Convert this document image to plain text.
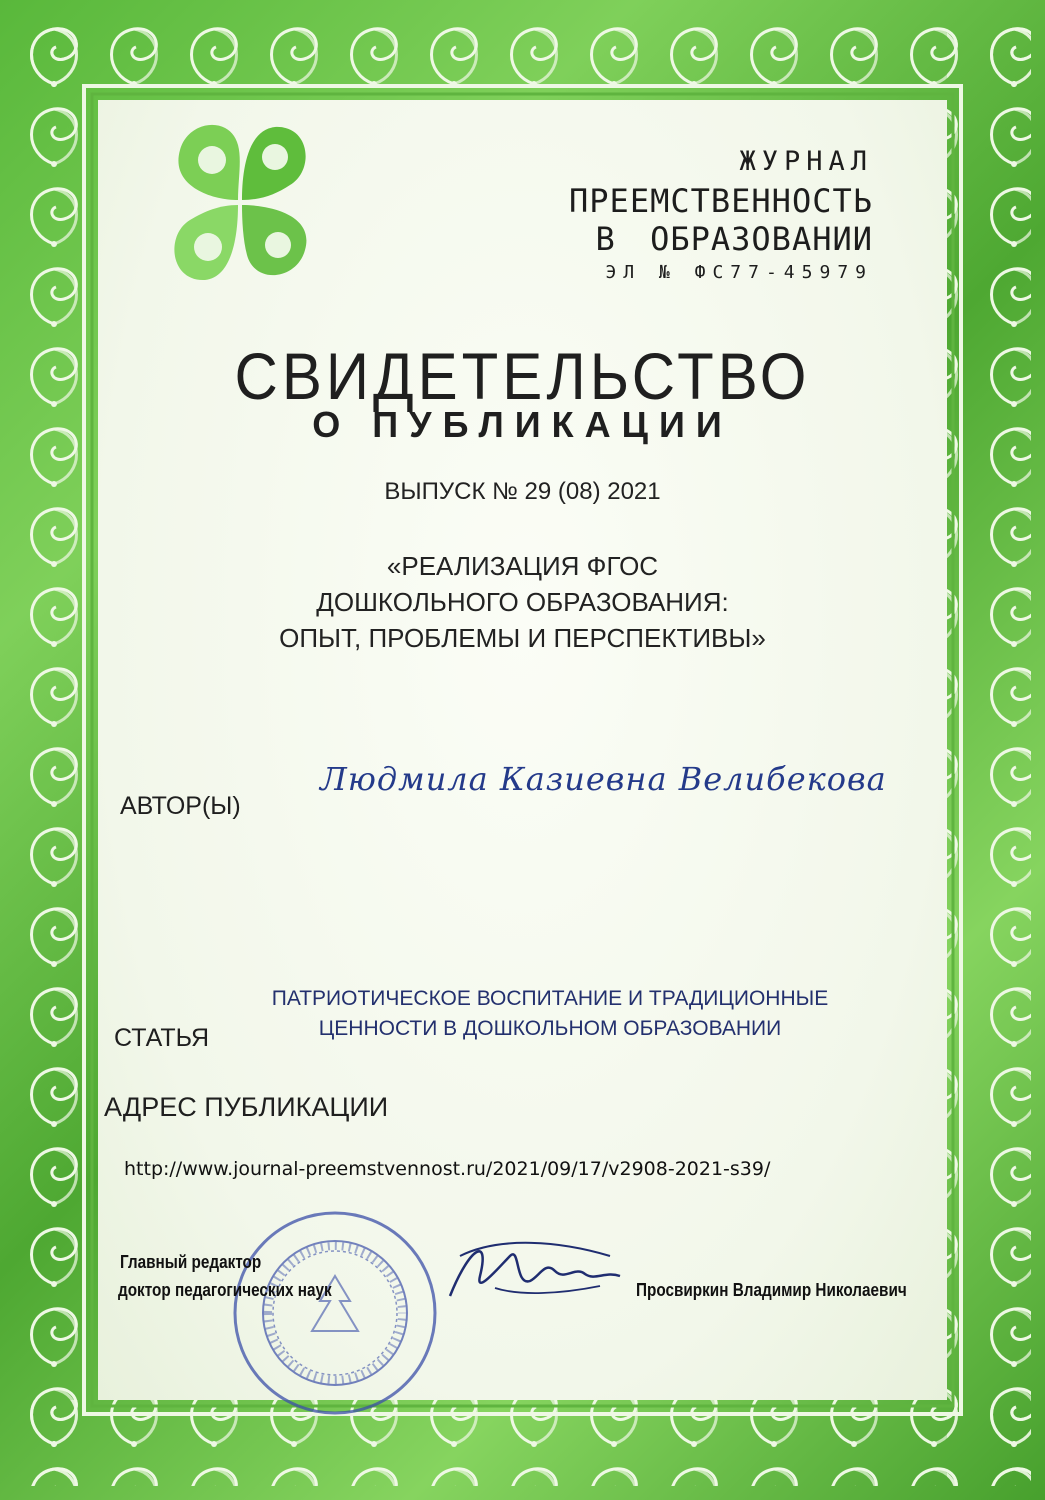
ЖУРНАЛ
ПРЕЕМСТВЕННОСТЬ
В ОБРАЗОВАНИИ
ЭЛ № ФС77-45979
СВИДЕТЕЛЬСТВО
О ПУБЛИКАЦИИ
ВЫПУСК № 29 (08) 2021
«РЕАЛИЗАЦИЯ ФГОС
ДОШКОЛЬНОГО ОБРАЗОВАНИЯ:
ОПЫТ, ПРОБЛЕМЫ И ПЕРСПЕКТИВЫ»
АВТОР(Ы)
Людмила Казиевна Велибекова
ПАТРИОТИЧЕСКОЕ ВОСПИТАНИЕ И ТРАДИЦИОННЫЕ
ЦЕННОСТИ В ДОШКОЛЬНОМ ОБРАЗОВАНИИ
СТАТЬЯ
АДРЕС ПУБЛИКАЦИИ
http://www.journal-preemstvennost.ru/2021/09/17/v2908-2021-s39/
Главный редактор
доктор педагогических наук	Просвиркин Владимир Николаевич
